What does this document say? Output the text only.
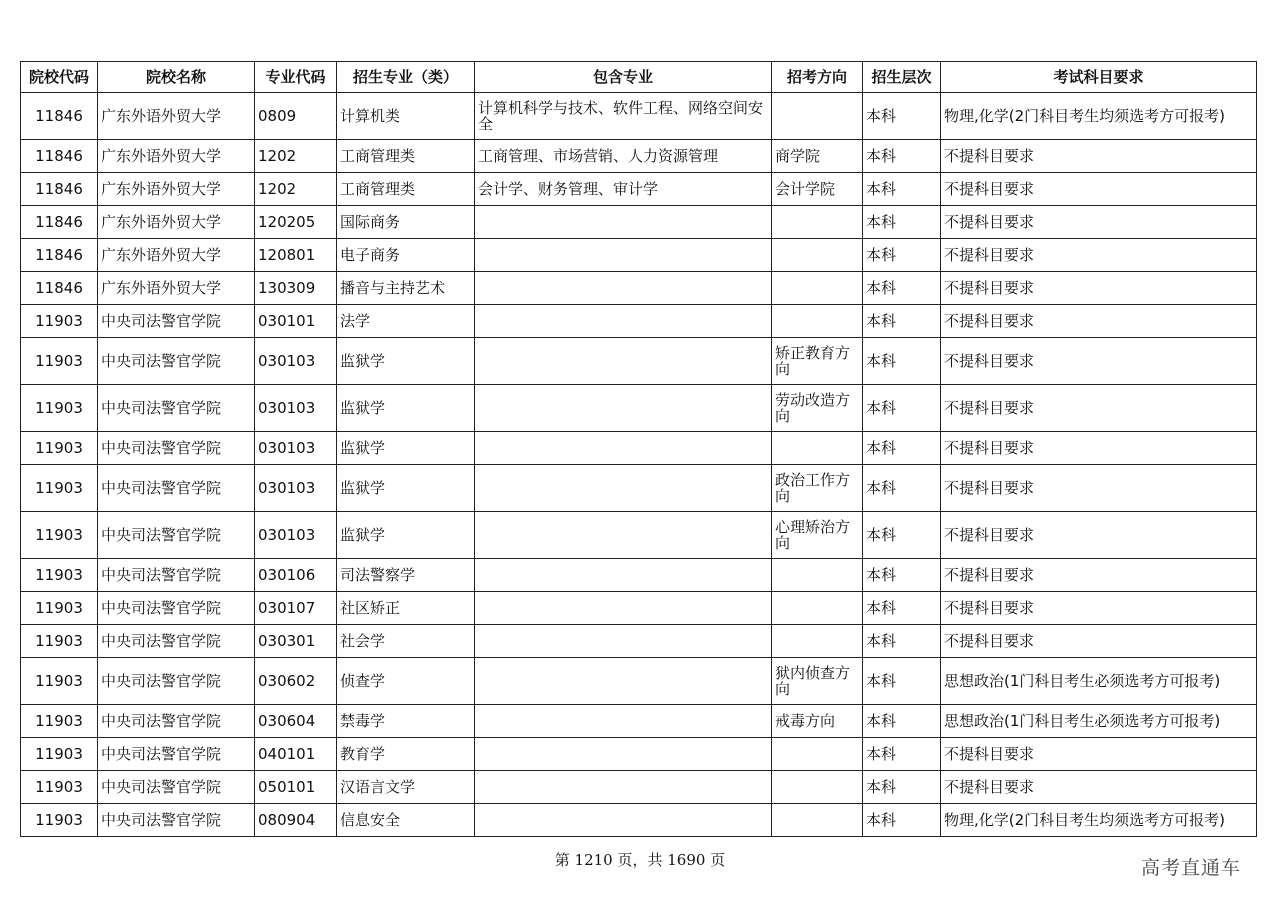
院校代码	院校名称	专业代码	招生专业（类）	包含专业	招考方向	招生层次	考试科目要求
11846	广东外语外贸大学	0809	计算机类	计算机科学与技术、软件工程、网络空间安全		本科	物理,化学(2门科目考生均须选考方可报考)
11846	广东外语外贸大学	1202	工商管理类	工商管理、市场营销、人力资源管理	商学院	本科	不提科目要求
11846	广东外语外贸大学	1202	工商管理类	会计学、财务管理、审计学	会计学院	本科	不提科目要求
11846	广东外语外贸大学	120205	国际商务			本科	不提科目要求
11846	广东外语外贸大学	120801	电子商务			本科	不提科目要求
11846	广东外语外贸大学	130309	播音与主持艺术			本科	不提科目要求
11903	中央司法警官学院	030101	法学			本科	不提科目要求
11903	中央司法警官学院	030103	监狱学		矫正教育方向	本科	不提科目要求
11903	中央司法警官学院	030103	监狱学		劳动改造方向	本科	不提科目要求
11903	中央司法警官学院	030103	监狱学			本科	不提科目要求
11903	中央司法警官学院	030103	监狱学		政治工作方向	本科	不提科目要求
11903	中央司法警官学院	030103	监狱学		心理矫治方向	本科	不提科目要求
11903	中央司法警官学院	030106	司法警察学			本科	不提科目要求
11903	中央司法警官学院	030107	社区矫正			本科	不提科目要求
11903	中央司法警官学院	030301	社会学			本科	不提科目要求
11903	中央司法警官学院	030602	侦查学		狱内侦查方向	本科	思想政治(1门科目考生必须选考方可报考)
11903	中央司法警官学院	030604	禁毒学		戒毒方向	本科	思想政治(1门科目考生必须选考方可报考)
11903	中央司法警官学院	040101	教育学			本科	不提科目要求
11903	中央司法警官学院	050101	汉语言文学			本科	不提科目要求
11903	中央司法警官学院	080904	信息安全			本科	物理,化学(2门科目考生均须选考方可报考)
第 1210 页，共 1690 页	高考直通车
